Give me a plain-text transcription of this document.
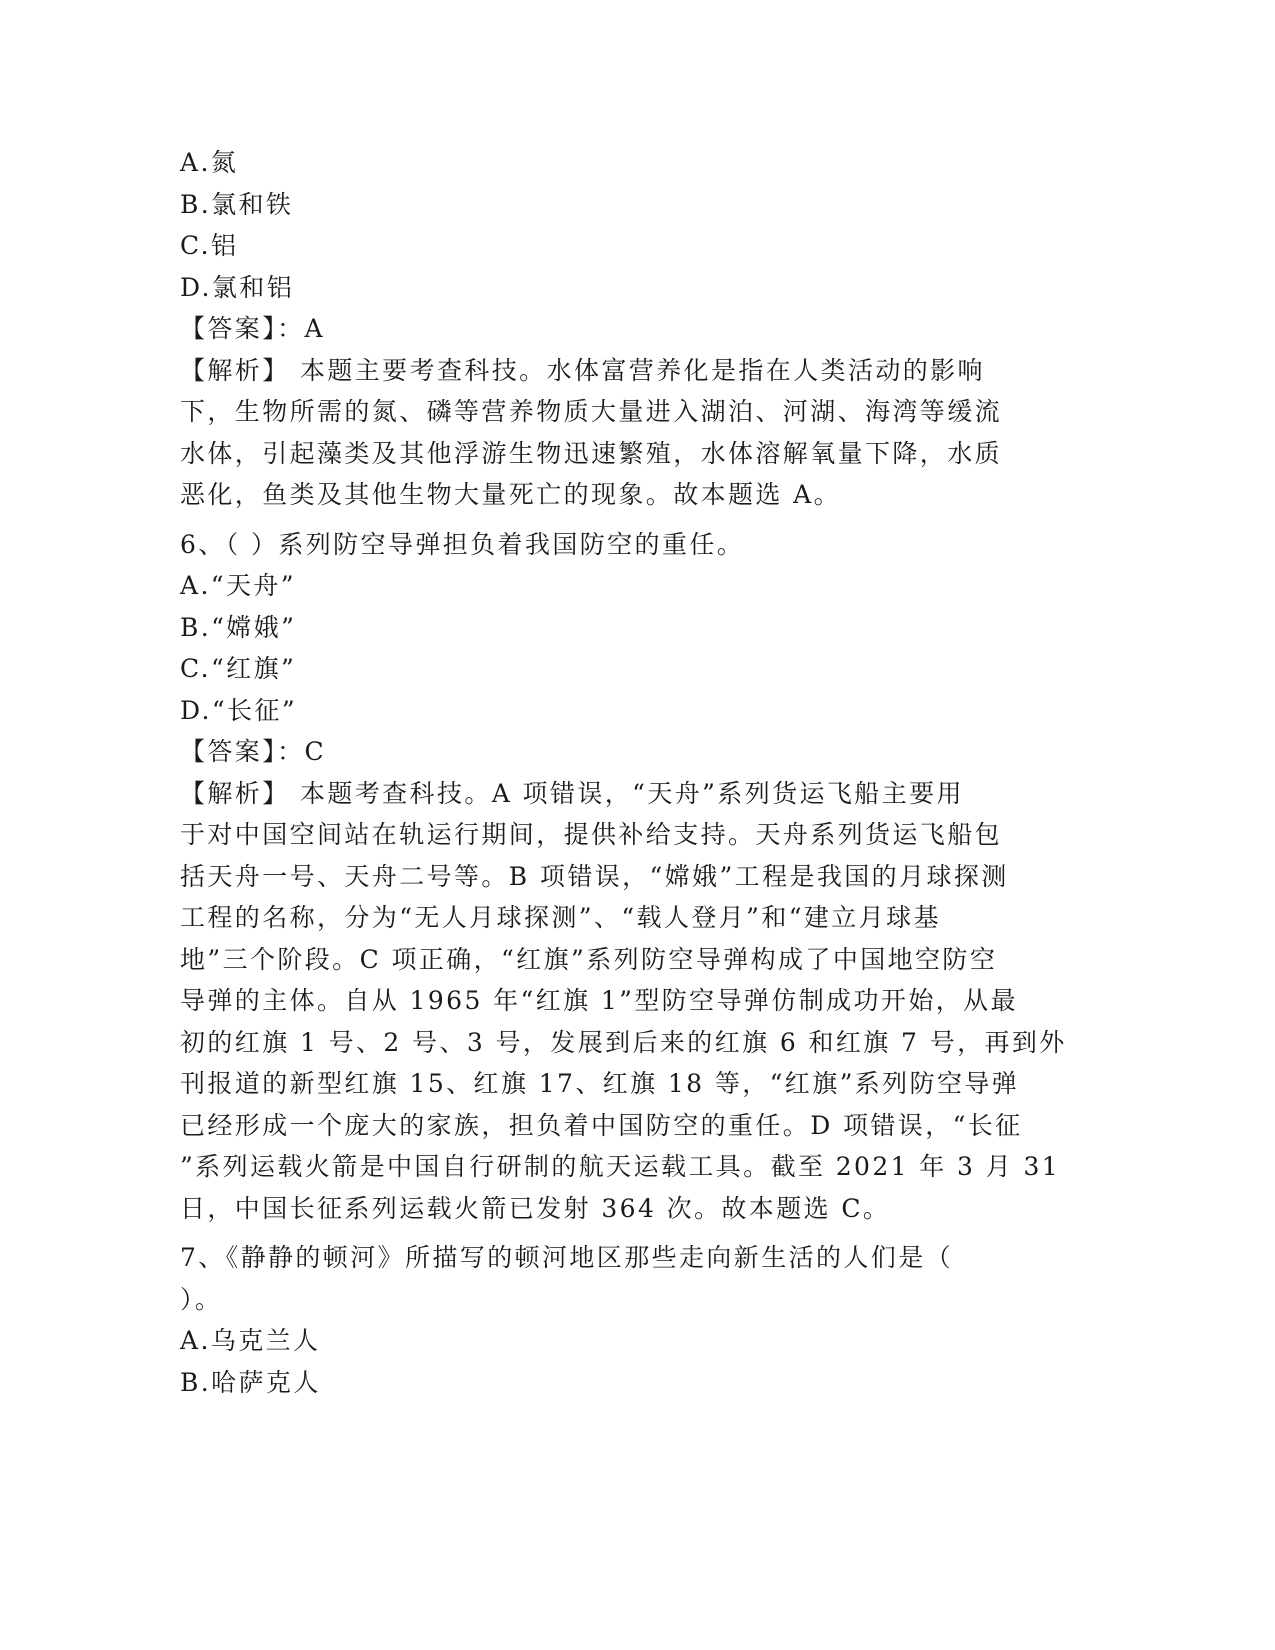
A.氮
B.氯和铁
C.铝
D.氯和铝
【答案】：A
【解析】 本题主要考查科技。水体富营养化是指在人类活动的影响
下，生物所需的氮、磷等营养物质大量进入湖泊、河湖、海湾等缓流
水体，引起藻类及其他浮游生物迅速繁殖，水体溶解氧量下降，水质
恶化，鱼类及其他生物大量死亡的现象。故本题选 A。
6、（ ）系列防空导弹担负着我国防空的重任。
A.“天舟”
B.“嫦娥”
C.“红旗”
D.“长征”
【答案】：C
【解析】 本题考查科技。A 项错误，“天舟”系列货运飞船主要用
于对中国空间站在轨运行期间，提供补给支持。天舟系列货运飞船包
括天舟一号、天舟二号等。B 项错误，“嫦娥”工程是我国的月球探测
工程的名称，分为“无人月球探测”、“载人登月”和“建立月球基
地”三个阶段。C 项正确，“红旗”系列防空导弹构成了中国地空防空
导弹的主体。自从 1965 年“红旗 1”型防空导弹仿制成功开始，从最
初的红旗 1 号、2 号、3 号，发展到后来的红旗 6 和红旗 7 号，再到外
刊报道的新型红旗 15、红旗 17、红旗 18 等，“红旗”系列防空导弹
已经形成一个庞大的家族，担负着中国防空的重任。D 项错误，“长征
”系列运载火箭是中国自行研制的航天运载工具。截至 2021 年 3 月 31
日，中国长征系列运载火箭已发射 364 次。故本题选 C。
7、《静静的顿河》所描写的顿河地区那些走向新生活的人们是（
）。
A.乌克兰人
B.哈萨克人
